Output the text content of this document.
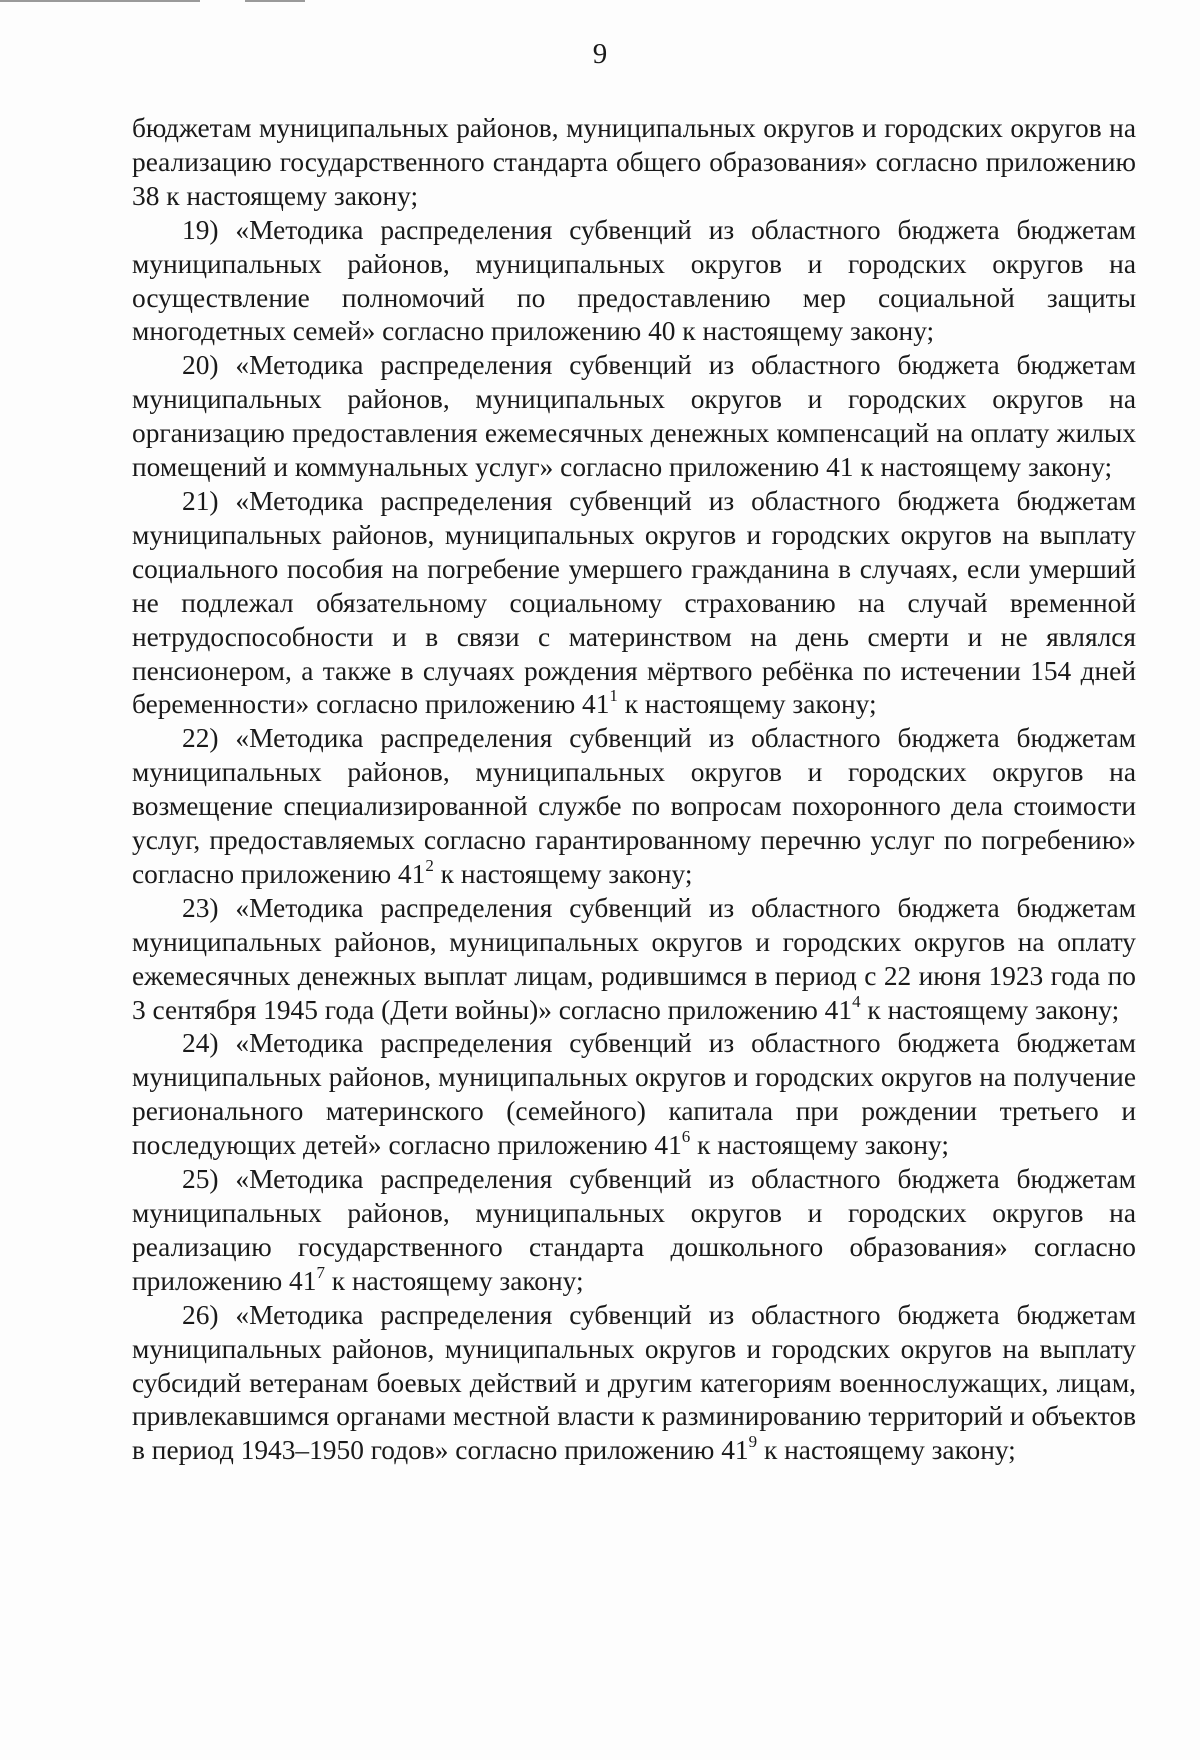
9

бюджетам муниципальных районов, муниципальных округов и городских округов на реализацию государственного стандарта общего образования» согласно приложению 38 к настоящему закону;

19) «Методика распределения субвенций из областного бюджета бюджетам муниципальных районов, муниципальных округов и городских округов на осуществление полномочий по предоставлению мер социальной защиты многодетных семей» согласно приложению 40 к настоящему закону;

20) «Методика распределения субвенций из областного бюджета бюджетам муниципальных районов, муниципальных округов и городских округов на организацию предоставления ежемесячных денежных компенсаций на оплату жилых помещений и коммунальных услуг» согласно приложению 41 к настоящему закону;

21) «Методика распределения субвенций из областного бюджета бюджетам муниципальных районов, муниципальных округов и городских округов на выплату социального пособия на погребение умершего гражданина в случаях, если умерший не подлежал обязательному социальному страхованию на случай временной нетрудоспособности и в связи с материнством на день смерти и не являлся пенсионером, а также в случаях рождения мёртвого ребёнка по истечении 154 дней беременности» согласно приложению $41^1$ к настоящему закону;

22) «Методика распределения субвенций из областного бюджета бюджетам муниципальных районов, муниципальных округов и городских округов на возмещение специализированной службе по вопросам похоронного дела стоимости услуг, предоставляемых согласно гарантированному перечню услуг по погребению» согласно приложению $41^2$ к настоящему закону;

23) «Методика распределения субвенций из областного бюджета бюджетам муниципальных районов, муниципальных округов и городских округов на оплату ежемесячных денежных выплат лицам, родившимся в период с 22 июня 1923 года по 3 сентября 1945 года (Дети войны)» согласно приложению $41^4$ к настоящему закону;

24) «Методика распределения субвенций из областного бюджета бюджетам муниципальных районов, муниципальных округов и городских округов на получение регионального материнского (семейного) капитала при рождении третьего и последующих детей» согласно приложению $41^6$ к настоящему закону;

25) «Методика распределения субвенций из областного бюджета бюджетам муниципальных районов, муниципальных округов и городских округов на реализацию государственного стандарта дошкольного образования» согласно приложению $41^7$ к настоящему закону;

26) «Методика распределения субвенций из областного бюджета бюджетам муниципальных районов, муниципальных округов и городских округов на выплату субсидий ветеранам боевых действий и другим категориям военнослужащих, лицам, привлекавшимся органами местной власти к разминированию территорий и объектов в период 1943–1950 годов» согласно приложению $41^9$ к настоящему закону;
